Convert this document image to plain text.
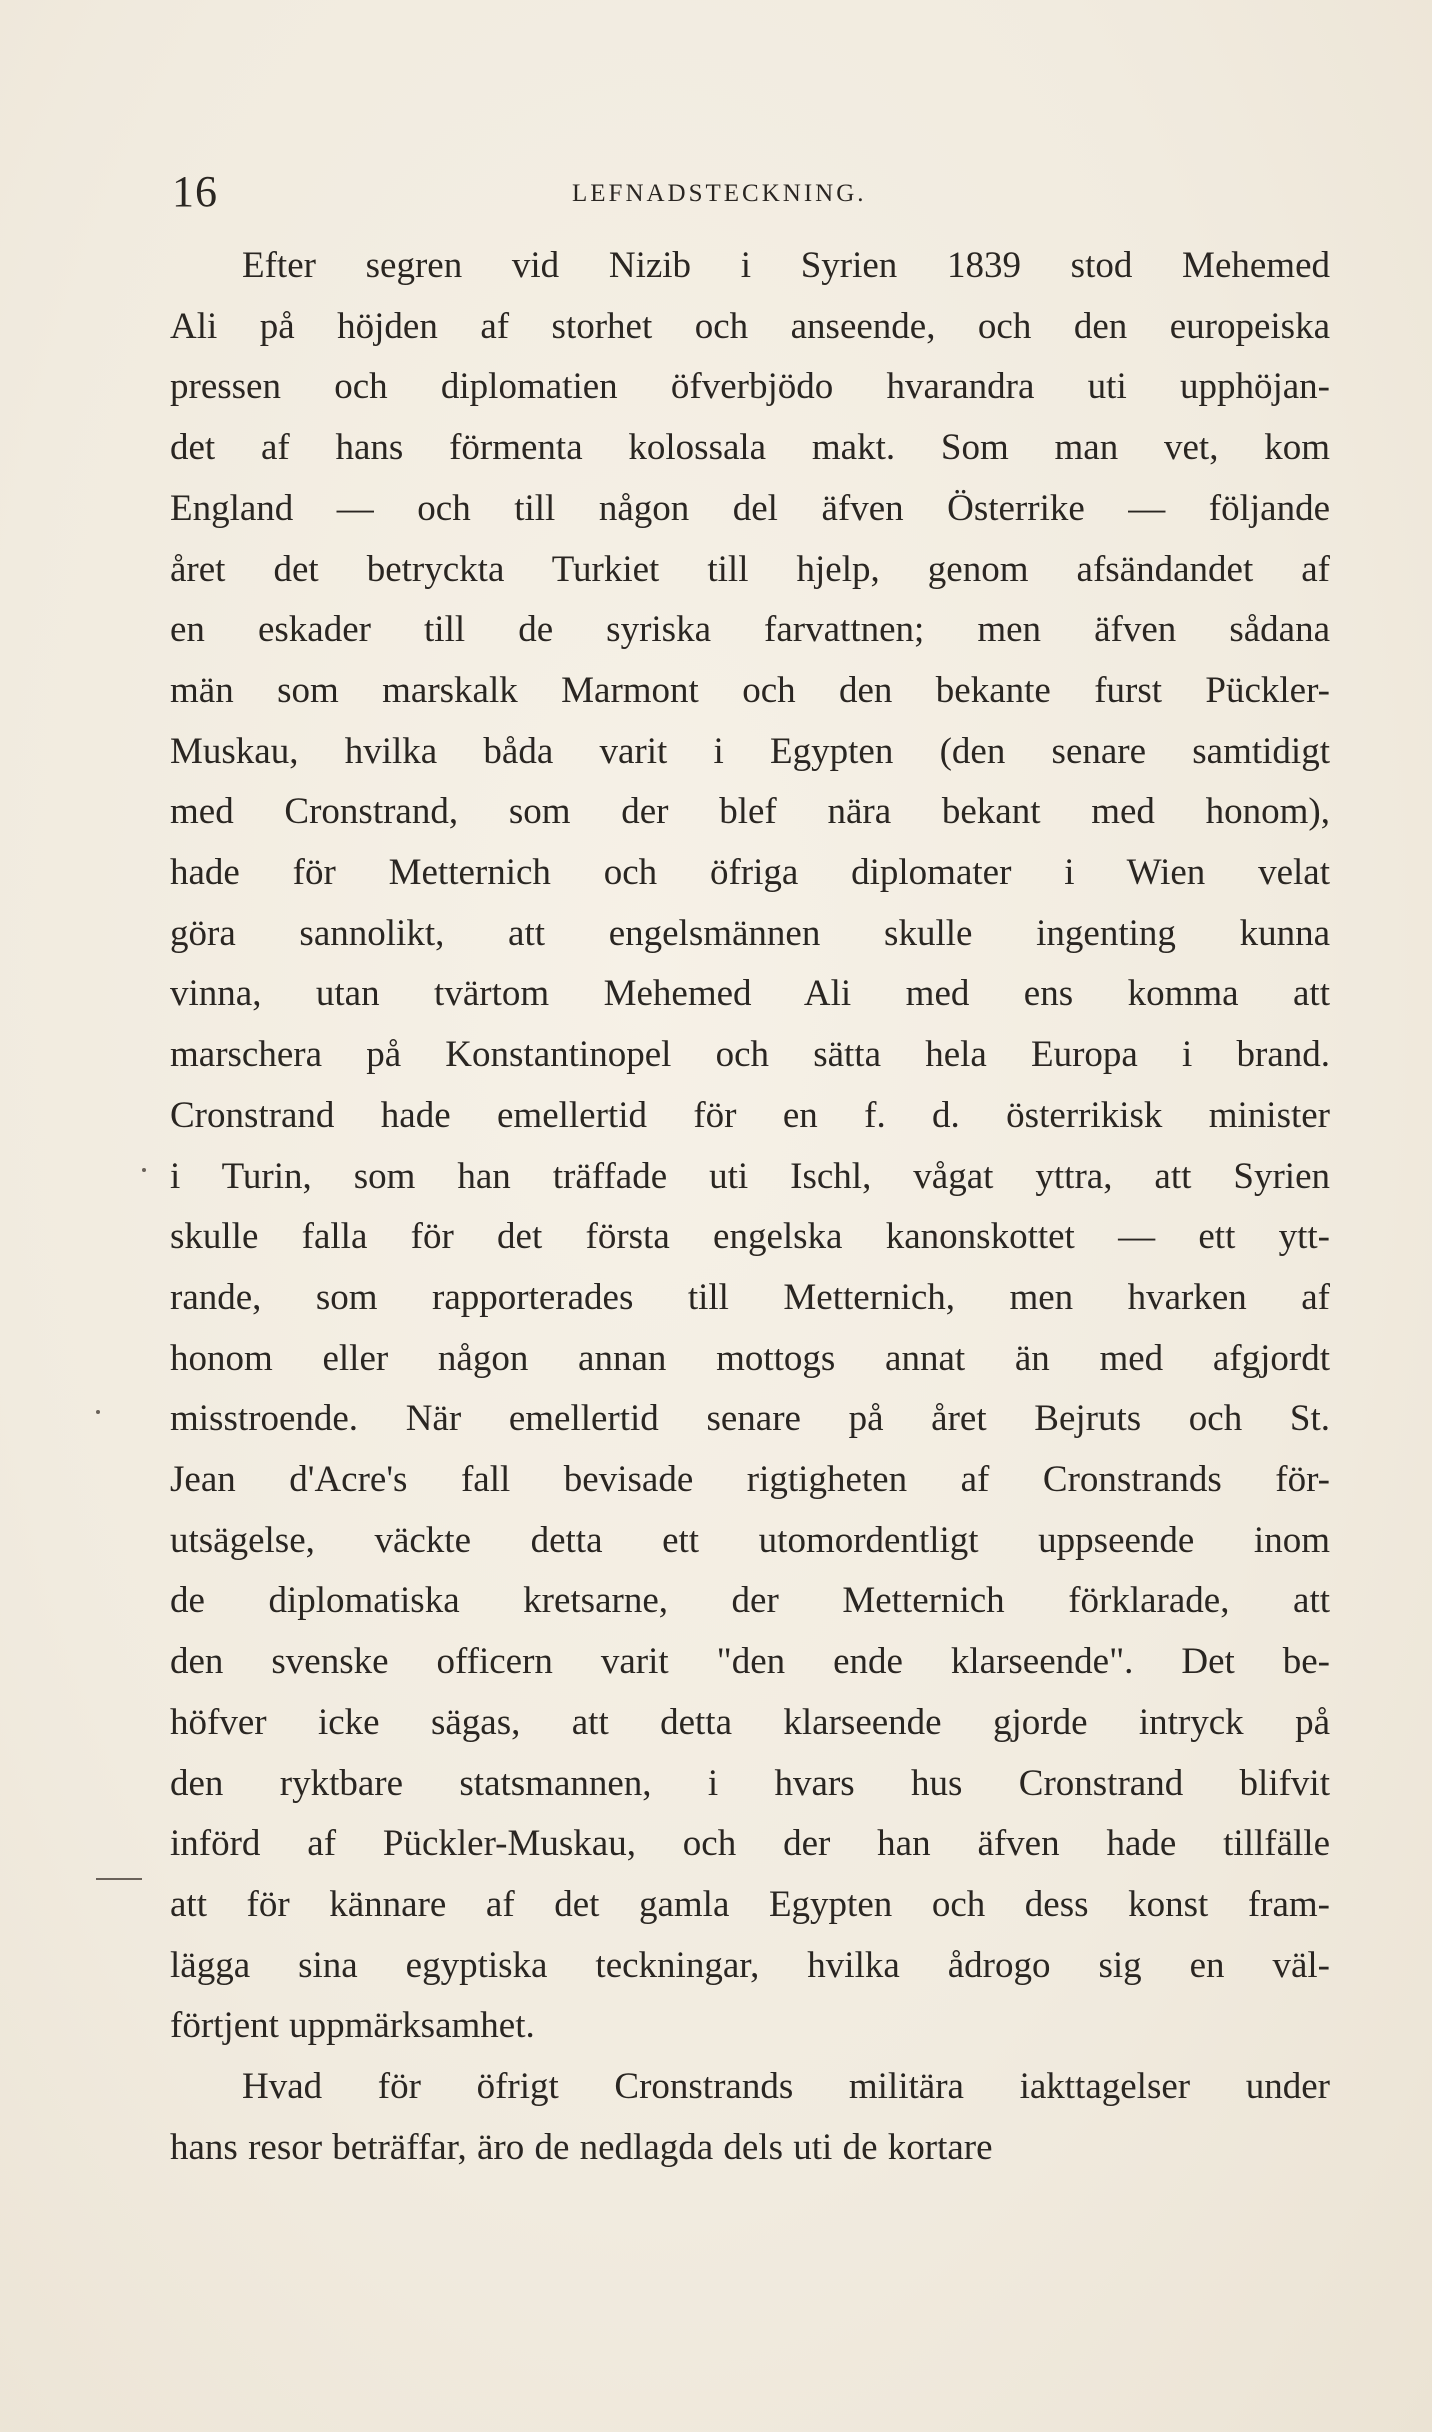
16	LEFNADSTECKNING.

Efter segren vid Nizib i Syrien 1839 stod Mehemed
Ali på höjden af storhet och anseende, och den europeiska
pressen och diplomatien öfverbjödo hvarandra uti upphöjan-
det af hans förmenta kolossala makt. Som man vet, kom
England — och till någon del äfven Österrike — följande
året det betryckta Turkiet till hjelp, genom afsändandet af
en eskader till de syriska farvattnen; men äfven sådana
män som marskalk Marmont och den bekante furst Pückler-
Muskau, hvilka båda varit i Egypten (den senare samtidigt
med Cronstrand, som der blef nära bekant med honom),
hade för Metternich och öfriga diplomater i Wien velat
göra sannolikt, att engelsmännen skulle ingenting kunna
vinna, utan tvärtom Mehemed Ali med ens komma att
marschera på Konstantinopel och sätta hela Europa i brand.
Cronstrand hade emellertid för en f. d. österrikisk minister
i Turin, som han träffade uti Ischl, vågat yttra, att Syrien
skulle falla för det första engelska kanonskottet — ett ytt-
rande, som rapporterades till Metternich, men hvarken af
honom eller någon annan mottogs annat än med afgjordt
misstroende. När emellertid senare på året Bejruts och St.
Jean d'Acre's fall bevisade rigtigheten af Cronstrands för-
utsägelse, väckte detta ett utomordentligt uppseende inom
de diplomatiska kretsarne, der Metternich förklarade, att
den svenske officern varit "den ende klarseende". Det be-
höfver icke sägas, att detta klarseende gjorde intryck på
den ryktbare statsmannen, i hvars hus Cronstrand blifvit
införd af Pückler-Muskau, och der han äfven hade tillfälle
att för kännare af det gamla Egypten och dess konst fram-
lägga sina egyptiska teckningar, hvilka ådrogo sig en väl-
förtjent uppmärksamhet.

Hvad för öfrigt Cronstrands militära iakttagelser under
hans resor beträffar, äro de nedlagda dels uti de kortare
